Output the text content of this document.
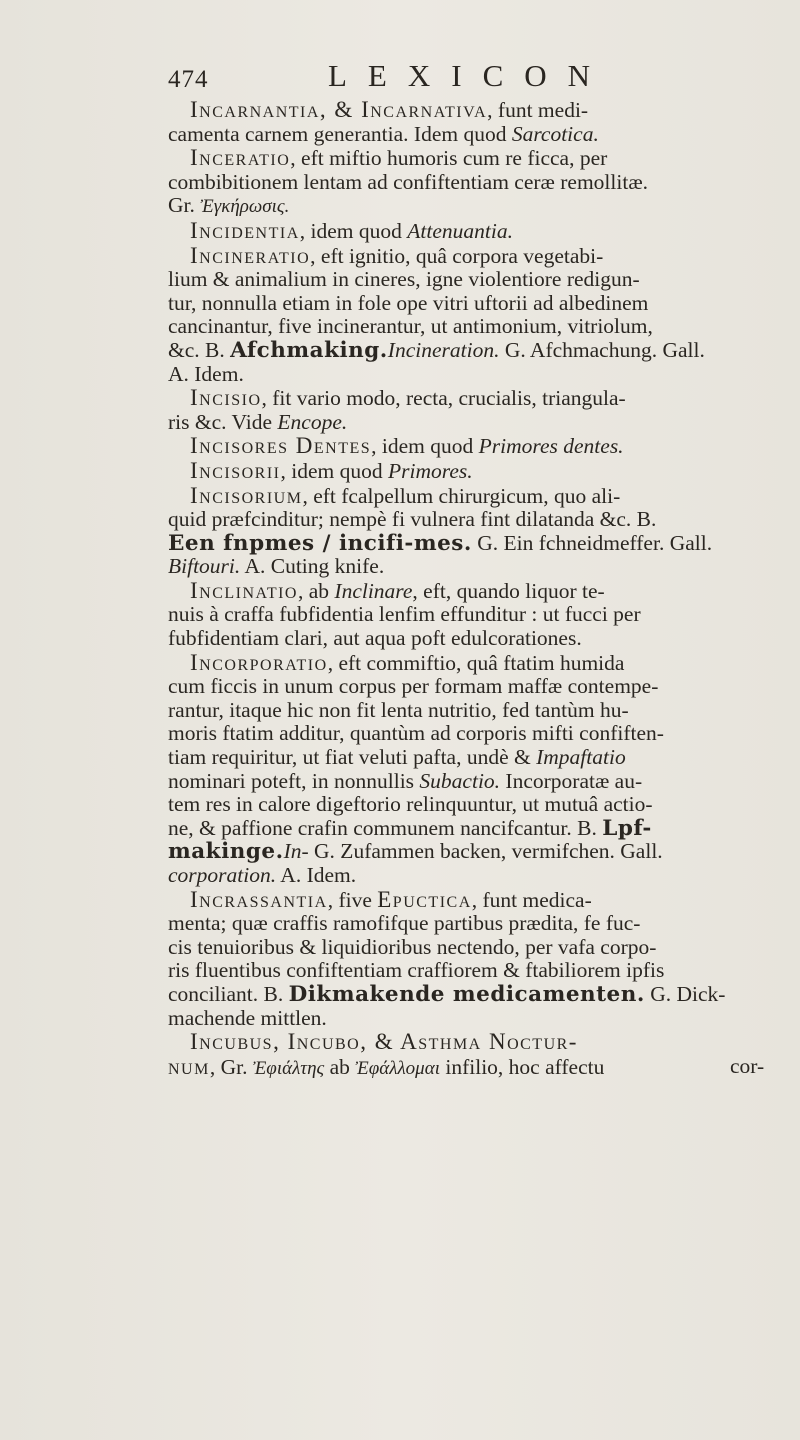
474	LEXICON

Incarnantia, & Incarnativa, funt medi-
camenta carnem generantia. Idem quod Sarcotica.

Inceratio, eft miftio humoris cum re ficca, per
combibitionem lentam ad confiftentiam ceræ remollitæ.
Gr. Ἐγκήρωσις.

Incidentia, idem quod Attenuantia.

Incineratio, eft ignitio, quâ corpora vegetabi-
lium & animalium in cineres, igne violentiore redigun-
tur, nonnulla etiam in fole ope vitri uftorii ad albedinem
cancinantur, five incinerantur, ut antimonium, vitriolum,
&c. B. Afchmaking.Incineration. G. Afchmachung. Gall.
A. Idem.

Incisio, fit vario modo, recta, crucialis, triangula-
ris &c. Vide Encope.

Incisores Dentes, idem quod Primores dentes.

Incisorii, idem quod Primores.

Incisorium, eft fcalpellum chirurgicum, quo ali-
quid præfcinditur; nempè fi vulnera fint dilatanda &c. B.
Een fnpmes / incifi-mes. G. Ein fchneidmeffer. Gall.
Biftouri. A. Cuting knife.

Inclinatio, ab Inclinare, eft, quando liquor te-
nuis à craffa fubfidentia lenfim effunditur : ut fucci per
fubfidentiam clari, aut aqua poft edulcorationes.

Incorporatio, eft commiftio, quâ ftatim humida
cum ficcis in unum corpus per formam maffæ contempe-
rantur, itaque hic non fit lenta nutritio, fed tantùm hu-
moris ftatim additur, quantùm ad corporis mifti confiften-
tiam requiritur, ut fiat veluti pafta, undè & Impaftatio
nominari poteft, in nonnullis Subactio. Incorporatæ au-
tem res in calore digeftorio relinquuntur, ut mutuâ actio-
ne, & paffione crafin communem nancifcantur. B. Lpf-
makinge.In- G. Zufammen backen, vermifchen. Gall.
corporation. A. Idem.

Incrassantia, five Epuctica, funt medica-
menta; quæ craffis ramofifque partibus prædita, fe fuc-
cis tenuioribus & liquidioribus nectendo, per vafa corpo-
ris fluentibus confiftentiam craffiorem & ftabiliorem ipfis
conciliant. B. Dikmakende medicamenten. G. Dick-
machende mittlen.

Incubus, Incubo, & Asthma Noctur-
num, Gr. Ἐφιάλτης ab Ἐφάλλομαι infilio, hoc affectu	cor-
